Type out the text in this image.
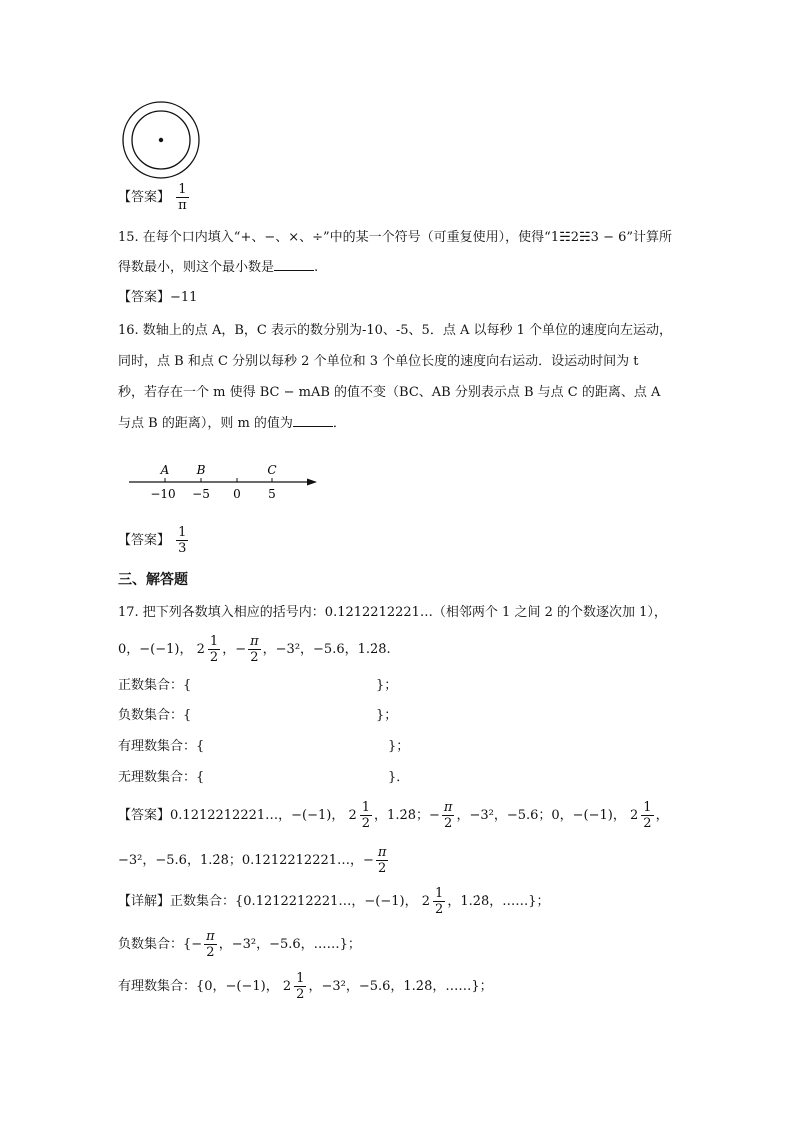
【答案】 $\frac{1}{\pi}$
15. 在每个口内填入“+、−、×、÷”中的某一个符号（可重复使用），使得“1☵2☵3 − 6”计算所
得数最小，则这个最小数是	.
【答案】−11
16. 数轴上的点 A，B，C 表示的数分别为-10、-5、5．点 A 以每秒 1 个单位的速度向左运动，
同时，点 B 和点 C 分别以每秒 2 个单位和 3 个单位长度的速度向右运动．设运动时间为 t
秒，若存在一个 m 使得 BC − mAB 的值不变（BC、AB 分别表示点 B 与点 C 的距离、点 A
与点 B 的距离），则 m 的值为	．
A B	C
−10 −5 0 5
【答案】 $\frac{1}{3}$
三、解答题
17. 把下列各数填入相应的括号内：0.1212212221…（相邻两个 1 之间 2 的个数逐次加 1），
0，−(−1)， $2 \frac{1}{2}$ ，− $\frac{\pi}{2}$ ，−3²，−5.6，1.2̇8̇.
正数集合：{	}；
负数集合：{	}；
有理数集合：{	}；
无理数集合：{	}．
【答案】0.1212212221…，−(−1)， $2 \frac{1}{2}$ ，1.2̇8̇；− $\frac{\pi}{2}$ ，−3²，−5.6；0，−(−1)， $2 \frac{1}{2}$ ，
−3²，−5.6，1.2̇8̇；0.1212212221…，− $\frac{\pi}{2}$
【详解】正数集合：{0.1212212221…，−(−1)， $2 \frac{1}{2}$ ，1.2̇8̇，……}；
负数集合：{− $\frac{\pi}{2}$ ，−3²，−5.6，……}；
有理数集合：{0，−(−1)， $2 \frac{1}{2}$ ，−3²，−5.6，1.2̇8̇，……}；
